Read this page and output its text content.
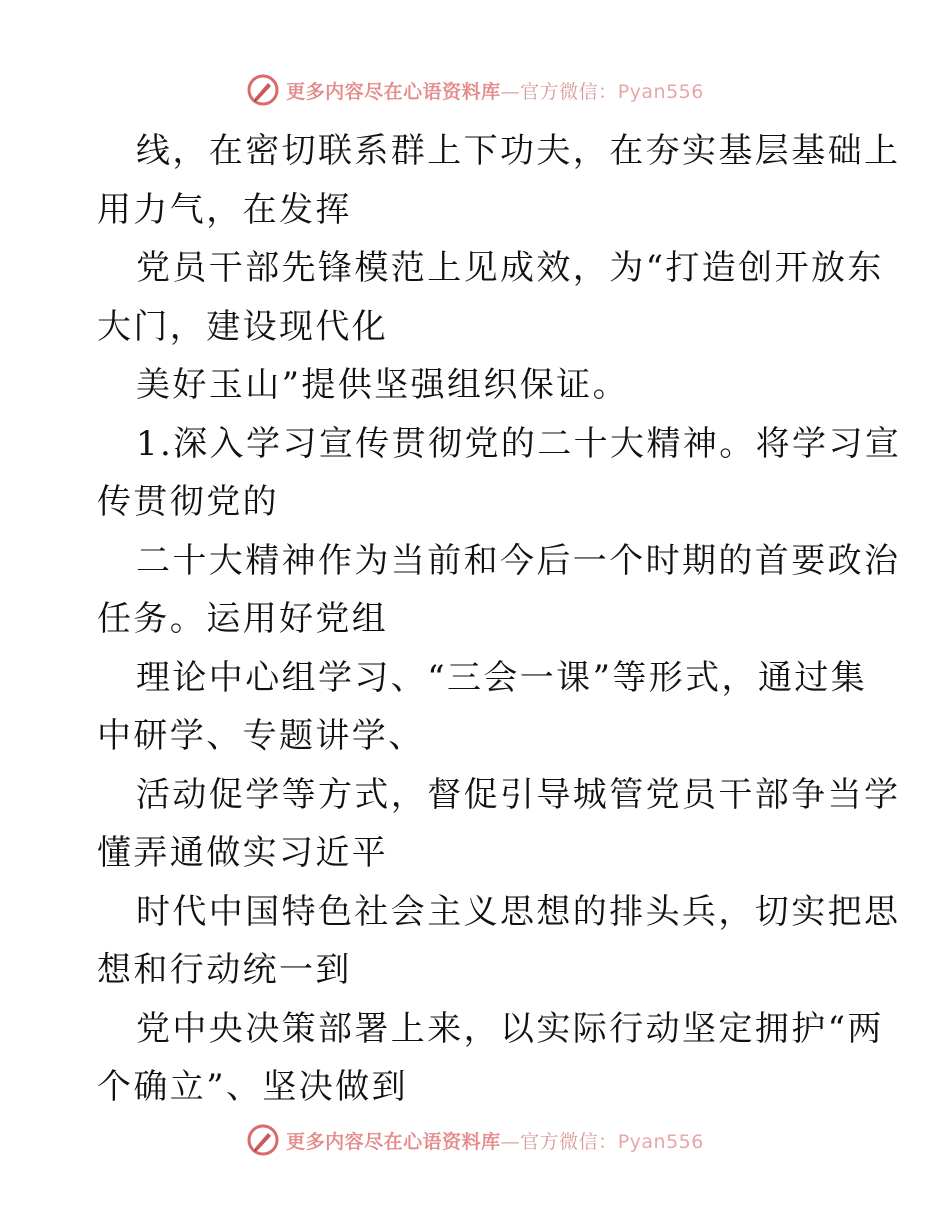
更多内容尽在心语资料库—官方微信：Pyan556
线，在密切联系群上下功夫，在夯实基层基础上
用力气，在发挥
党员干部先锋模范上见成效，为“打造创开放东
大门，建设现代化
美好玉山”提供坚强组织保证。
1.深入学习宣传贯彻党的二十大精神。将学习宣
传贯彻党的
二十大精神作为当前和今后一个时期的首要政治
任务。运用好党组
理论中心组学习、“三会一课”等形式，通过集
中研学、专题讲学、
活动促学等方式，督促引导城管党员干部争当学
懂弄通做实习近平
时代中国特色社会主义思想的排头兵，切实把思
想和行动统一到
党中央决策部署上来，以实际行动坚定拥护“两
个确立”、坚决做到
更多内容尽在心语资料库—官方微信：Pyan556
